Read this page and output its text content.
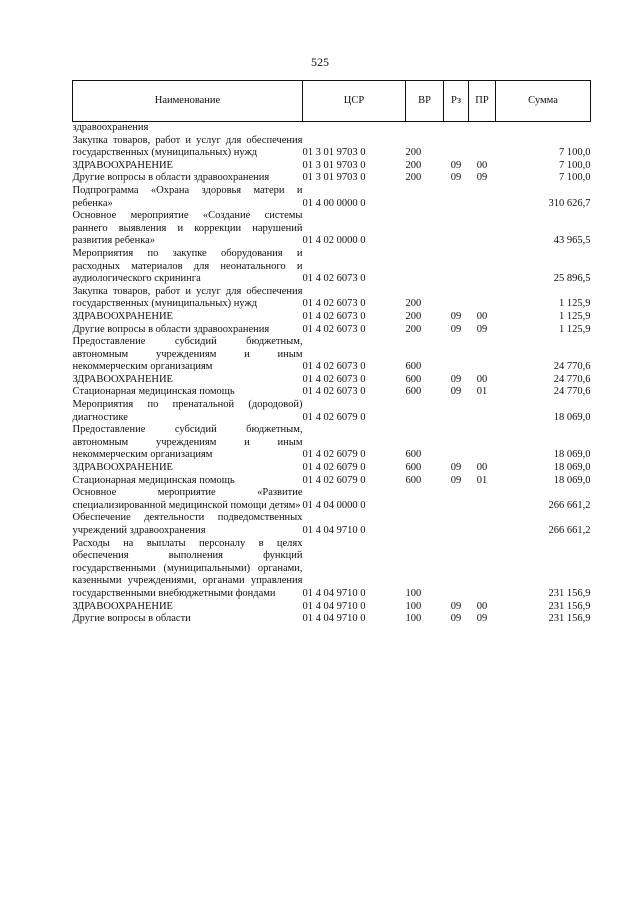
525
Наименование	ЦСР	ВР	Рз	ПР	Сумма
здравоохранения					
Закупка товаров, работ и услуг для обеспечения государственных (муниципальных) нужд	01 3 01 9703 0	200			7 100,0
ЗДРАВООХРАНЕНИЕ	01 3 01 9703 0	200	09	00	7 100,0
Другие вопросы в области здравоохранения	01 3 01 9703 0	200	09	09	7 100,0
Подпрограмма «Охрана здоровья матери и ребенка»	01 4 00 0000 0				310 626,7
Основное мероприятие «Создание системы раннего выявления и коррекции нарушений развития ребенка»	01 4 02 0000 0				43 965,5
Мероприятия по закупке оборудования и расходных материалов для неонатального и аудиологического скрининга	01 4 02 6073 0				25 896,5
Закупка товаров, работ и услуг для обеспечения государственных (муниципальных) нужд	01 4 02 6073 0	200			1 125,9
ЗДРАВООХРАНЕНИЕ	01 4 02 6073 0	200	09	00	1 125,9
Другие вопросы в области здравоохранения	01 4 02 6073 0	200	09	09	1 125,9
Предоставление субсидий бюджетным, автономным учреждениям и иным некоммерческим организациям	01 4 02 6073 0	600			24 770,6
ЗДРАВООХРАНЕНИЕ	01 4 02 6073 0	600	09	00	24 770,6
Стационарная медицинская помощь	01 4 02 6073 0	600	09	01	24 770,6
Мероприятия по пренатальной (дородовой) диагностике	01 4 02 6079 0				18 069,0
Предоставление субсидий бюджетным, автономным учреждениям и иным некоммерческим организациям	01 4 02 6079 0	600			18 069,0
ЗДРАВООХРАНЕНИЕ	01 4 02 6079 0	600	09	00	18 069,0
Стационарная медицинская помощь	01 4 02 6079 0	600	09	01	18 069,0
Основное мероприятие «Развитие специализированной медицинской помощи детям»	01 4 04 0000 0				266 661,2
Обеспечение деятельности подведомственных учреждений здравоохранения	01 4 04 9710 0				266 661,2
Расходы на выплаты персоналу в целях обеспечения выполнения функций государственными (муниципальными) органами, казенными учреждениями, органами управления государственными внебюджетными фондами	01 4 04 9710 0	100			231 156,9
ЗДРАВООХРАНЕНИЕ	01 4 04 9710 0	100	09	00	231 156,9
Другие вопросы в области	01 4 04 9710 0	100	09	09	231 156,9
